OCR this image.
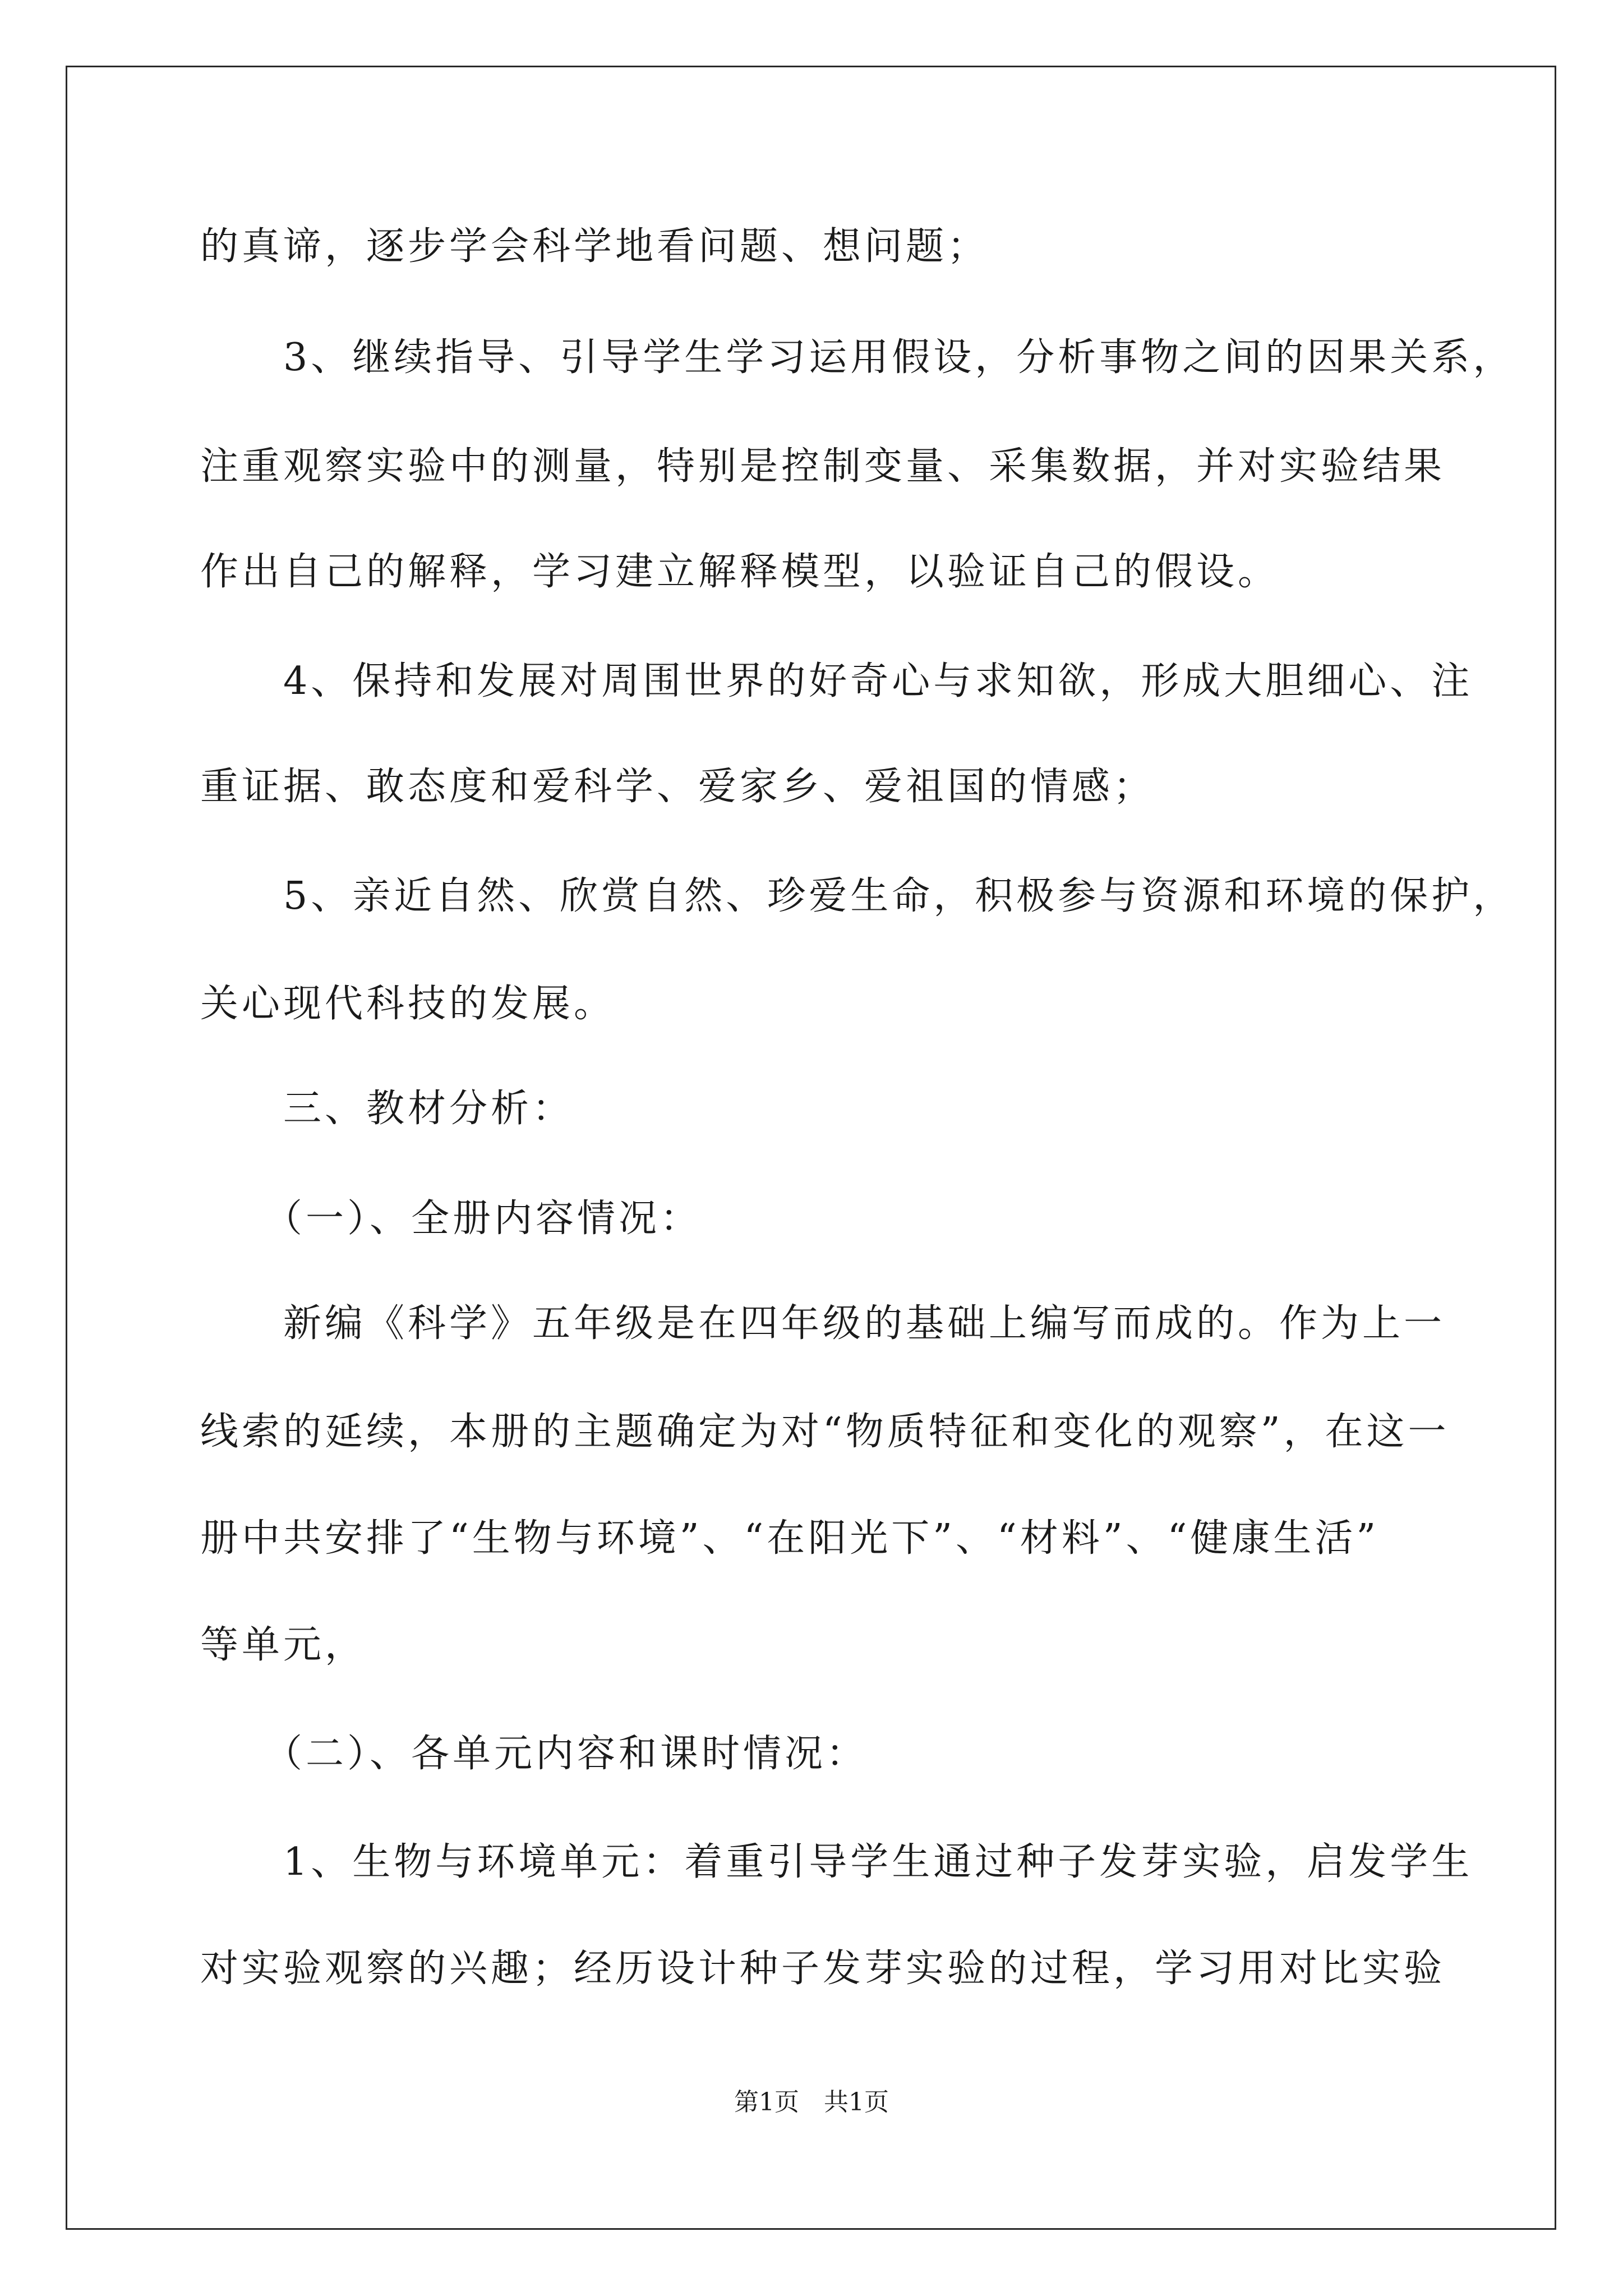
的真谛，逐步学会科学地看问题、想问题；
　　3、继续指导、引导学生学习运用假设，分析事物之间的因果关系，
注重观察实验中的测量，特别是控制变量、采集数据，并对实验结果
作出自己的解释，学习建立解释模型，以验证自己的假设。
　　4、保持和发展对周围世界的好奇心与求知欲，形成大胆细心、注
重证据、敢态度和爱科学、爱家乡、爱祖国的情感；
　　5、亲近自然、欣赏自然、珍爱生命，积极参与资源和环境的保护，
关心现代科技的发展。
　　三、教材分析：
　　（一）、全册内容情况：
　　新编《科学》五年级是在四年级的基础上编写而成的。作为上一
线索的延续，本册的主题确定为对“物质特征和变化的观察”，在这一
册中共安排了“生物与环境”、“在阳光下”、“材料”、“健康生活”
等单元，
　　（二）、各单元内容和课时情况：
　　1、生物与环境单元：着重引导学生通过种子发芽实验，启发学生
对实验观察的兴趣；经历设计种子发芽实验的过程，学习用对比实验
第1页　共1页
